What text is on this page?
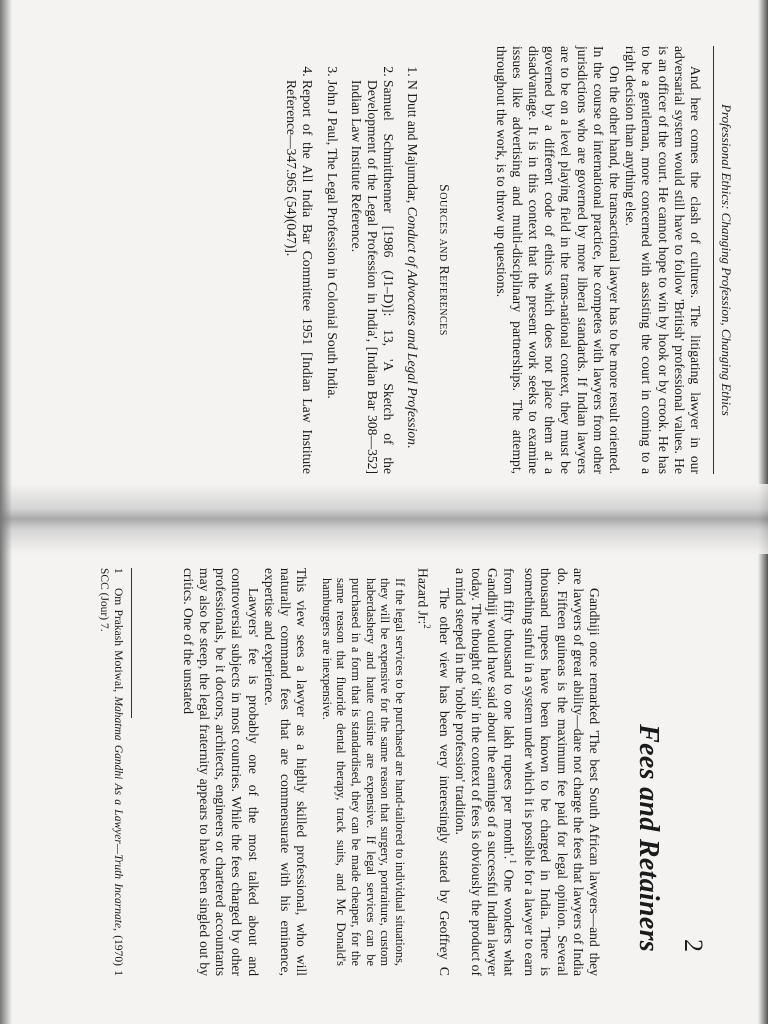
Professional Ethics: Changing Profession, Changing Ethics

And here comes the clash of cultures. The litigating lawyer in our adversarial system would still have to follow 'British' professional values. He is an officer of the court. He cannot hope to win by hook or by crook. He has to be a gentleman, more concerned with assisting the court in coming to a right decision than anything else.

On the other hand, the transactional lawyer has to be more result oriented. In the course of international practice, he competes with lawyers from other jurisdictions who are governed by more liberal standards. If Indian lawyers are to be on a level playing field in the trans-national context, they must be governed by a different code of ethics which does not place them at a disadvantage. It is in this context that the present work seeks to examine issues like advertising and multi-disciplinary partnerships. The attempt, throughout the work, is to throw up questions.

Sources and References
1. N Dutt and Majumdar, Conduct of Advocates and Legal Profession.
2. Samuel Schmitthenner [1986 (J1–D)]: 13, 'A Sketch of the Development of the Legal Profession in India', [Indian Bar 308—352] Indian Law Institute Reference.
3. John J Paul, The Legal Profession in Colonial South India.
4. Report of the All India Bar Committee 1951 [Indian Law Institute Reference—347.965 (54)(047)].
2
Fees and Retainers

Gandhiji once remarked 'The best South African lawyers—and they are lawyers of great ability—dare not charge the fees that lawyers of India do. Fifteen guineas is the maximum fee paid for legal opinion. Several thousand rupees have been known to be charged in India. There is something sinful in a system under which it is possible for a lawyer to earn from fifty thousand to one lakh rupees per month'.$^1$ One wonders what Gandhiji would have said about the earnings of a successful Indian lawyer today. The thought of 'sin' in the context of fees is obviously the product of a mind steeped in the 'noble profession' tradition.

The other view has been very interestingly stated by Geoffrey C Hazard Jr:$^2$

If the legal services to be purchased are hand-tailored to individual situations, they will be expensive for the same reason that surgery, portraiture, custom haberdashery and haute cuisine are expensive. If legal services can be purchased in a form that is standardised, they can be made cheaper, for the same reason that fluoride dental therapy, track suits, and Mc Donald's hamburgers are inexpensive.

This view sees a lawyer as a highly skilled professional, who will naturally command fees that are commensurate with his eminence, expertise and experience.

Lawyers' fee is probably one of the most talked about and controversial subjects in most countries. While the fees charged by other professionals, be it doctors, architects, engineers or chartered accountants may also be steep, the legal fraternity appears to have been singled out by critics. One of the unstated

1Om Prakash Motiwal, Mahatma Gandhi As a Lawyer—Truth Incarnate, (1970) 1 SCC (Jour) 7.
